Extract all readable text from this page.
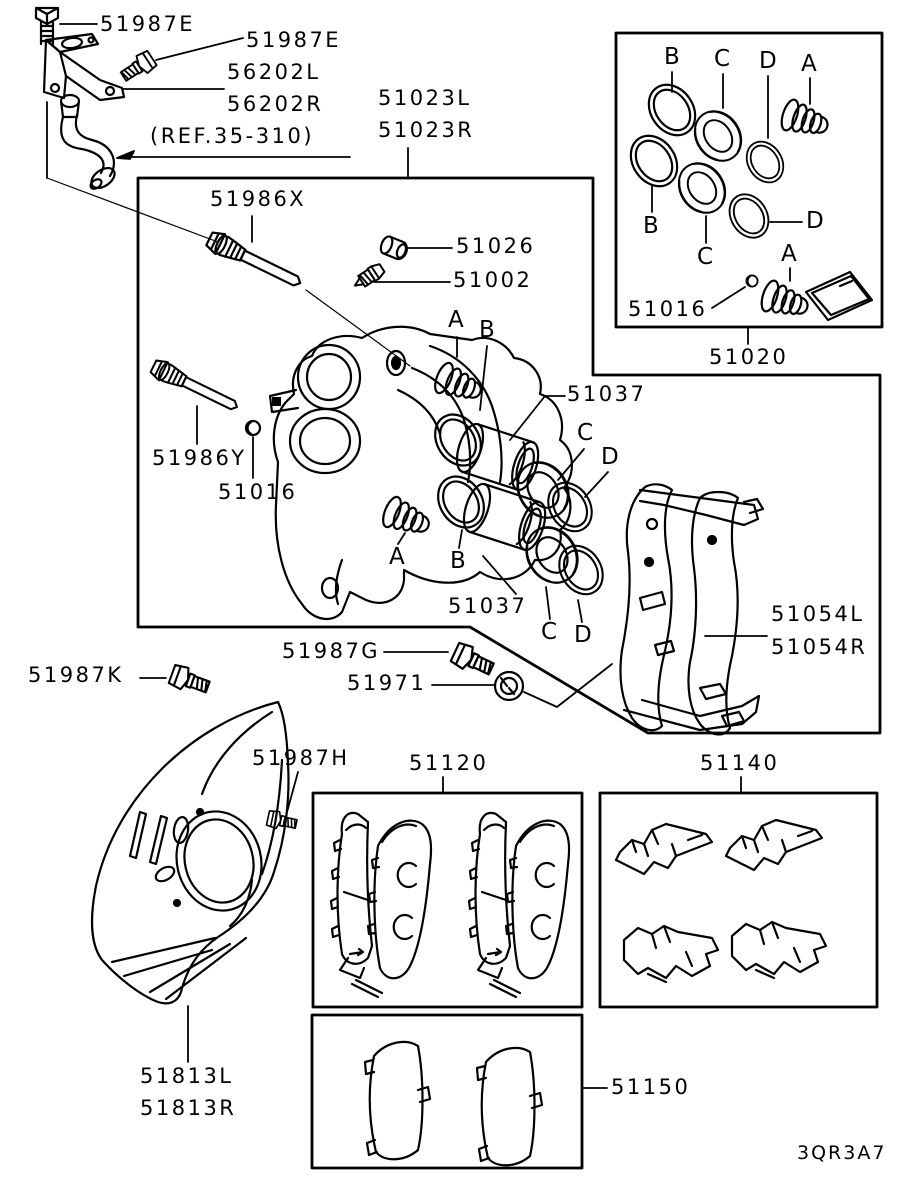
51987E
51987E
56202L
56202R
(REF.35-310)
51023L
51023R
51986X
51026
51002
51037
51986Y
51016
51037
51016
51020
51054L
51054R
51987G
51971
51987K
51987H	51120	51140
51150
51813L
51813R
3QR3A7
A B
C
D
A B
C D
B C D A
B
C
D
A
